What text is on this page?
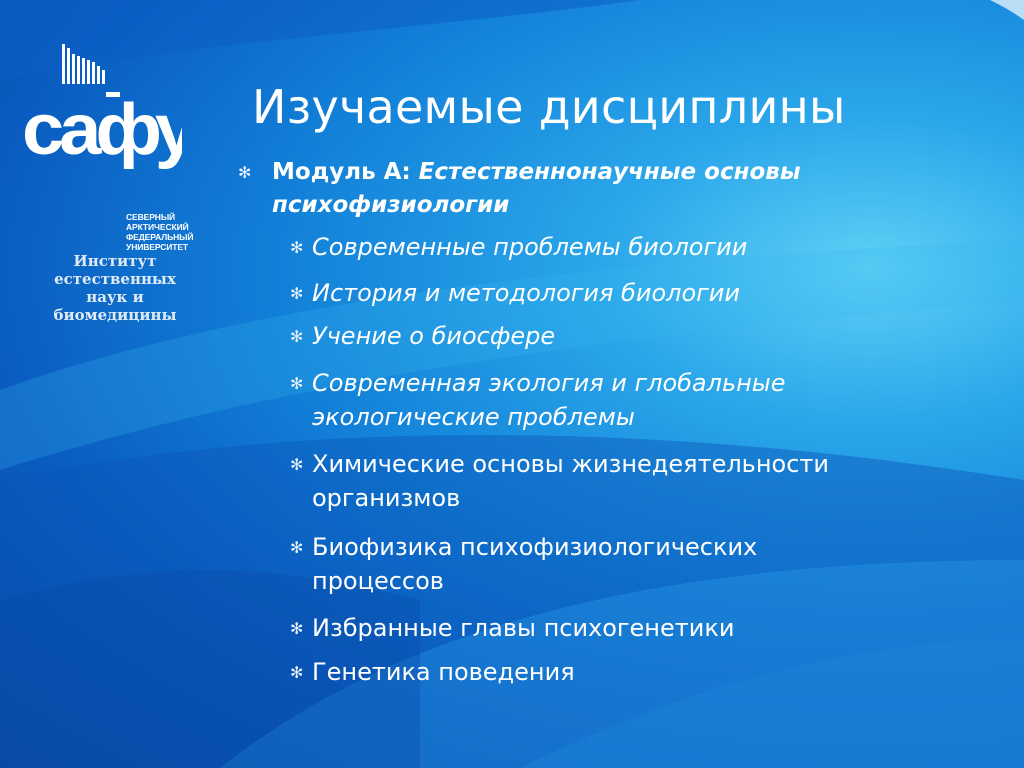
сафу
СЕВЕРНЫЙ
АРКТИЧЕСКИЙ
ФЕДЕРАЛЬНЫЙ
УНИВЕРСИТЕТ
Институт
естественных
наук и
биомедицины
Изучаемые дисциплины
✻ Модуль А: Естественнонаучные основы
психофизиологии
✻ Современные проблемы биологии
✻ История и методология биологии
✻ Учение о биосфере
✻ Современная экология и глобальные
экологические проблемы
✻ Химические основы жизнедеятельности
организмов
✻ Биофизика психофизиологических
процессов
✻ Избранные главы психогенетики
✻ Генетика поведения
